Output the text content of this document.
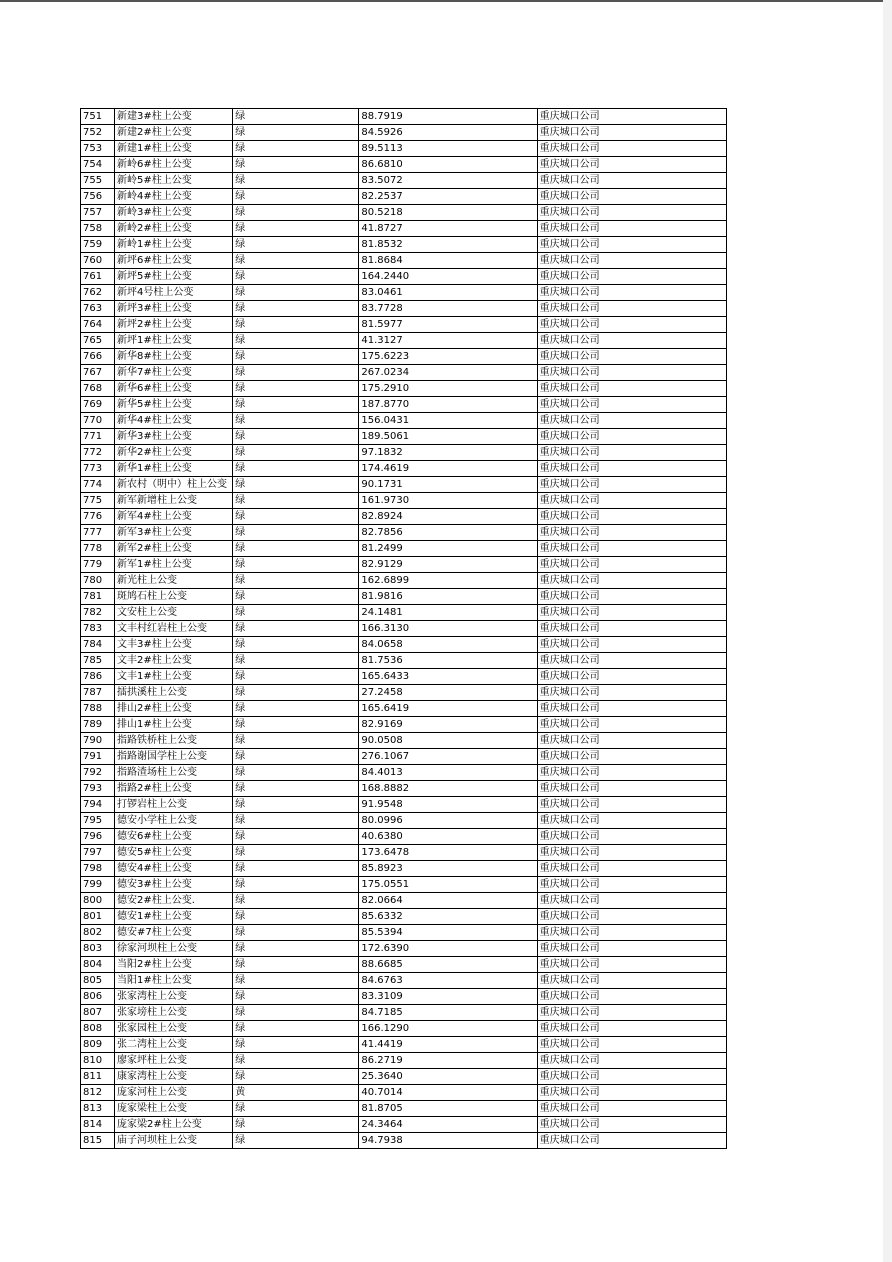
751	新建3#柱上公变	绿	88.7919	重庆城口公司
752	新建2#柱上公变	绿	84.5926	重庆城口公司
753	新建1#柱上公变	绿	89.5113	重庆城口公司
754	新岭6#柱上公变	绿	86.6810	重庆城口公司
755	新岭5#柱上公变	绿	83.5072	重庆城口公司
756	新岭4#柱上公变	绿	82.2537	重庆城口公司
757	新岭3#柱上公变	绿	80.5218	重庆城口公司
758	新岭2#柱上公变	绿	41.8727	重庆城口公司
759	新岭1#柱上公变	绿	81.8532	重庆城口公司
760	新坪6#柱上公变	绿	81.8684	重庆城口公司
761	新坪5#柱上公变	绿	164.2440	重庆城口公司
762	新坪4号柱上公变	绿	83.0461	重庆城口公司
763	新坪3#柱上公变	绿	83.7728	重庆城口公司
764	新坪2#柱上公变	绿	81.5977	重庆城口公司
765	新坪1#柱上公变	绿	41.3127	重庆城口公司
766	新华8#柱上公变	绿	175.6223	重庆城口公司
767	新华7#柱上公变	绿	267.0234	重庆城口公司
768	新华6#柱上公变	绿	175.2910	重庆城口公司
769	新华5#柱上公变	绿	187.8770	重庆城口公司
770	新华4#柱上公变	绿	156.0431	重庆城口公司
771	新华3#柱上公变	绿	189.5061	重庆城口公司
772	新华2#柱上公变	绿	97.1832	重庆城口公司
773	新华1#柱上公变	绿	174.4619	重庆城口公司
774	新农村（明中）柱上公变	绿	90.1731	重庆城口公司
775	新军新增柱上公变	绿	161.9730	重庆城口公司
776	新军4#柱上公变	绿	82.8924	重庆城口公司
777	新军3#柱上公变	绿	82.7856	重庆城口公司
778	新军2#柱上公变	绿	81.2499	重庆城口公司
779	新军1#柱上公变	绿	82.9129	重庆城口公司
780	新光柱上公变	绿	162.6899	重庆城口公司
781	斑鸠石柱上公变	绿	81.9816	重庆城口公司
782	文安柱上公变	绿	24.1481	重庆城口公司
783	文丰村红岩柱上公变	绿	166.3130	重庆城口公司
784	文丰3#柱上公变	绿	84.0658	重庆城口公司
785	文丰2#柱上公变	绿	81.7536	重庆城口公司
786	文丰1#柱上公变	绿	165.6433	重庆城口公司
787	擂拱溪柱上公变	绿	27.2458	重庆城口公司
788	排山2#柱上公变	绿	165.6419	重庆城口公司
789	排山1#柱上公变	绿	82.9169	重庆城口公司
790	指路铁桥柱上公变	绿	90.0508	重庆城口公司
791	指路谢国学柱上公变	绿	276.1067	重庆城口公司
792	指路渣场柱上公变	绿	84.4013	重庆城口公司
793	指路2#柱上公变	绿	168.8882	重庆城口公司
794	打锣岩柱上公变	绿	91.9548	重庆城口公司
795	德安小学柱上公变	绿	80.0996	重庆城口公司
796	德安6#柱上公变	绿	40.6380	重庆城口公司
797	德安5#柱上公变	绿	173.6478	重庆城口公司
798	德安4#柱上公变	绿	85.8923	重庆城口公司
799	德安3#柱上公变	绿	175.0551	重庆城口公司
800	德安2#柱上公变.	绿	82.0664	重庆城口公司
801	德安1#柱上公变	绿	85.6332	重庆城口公司
802	德安#7柱上公变	绿	85.5394	重庆城口公司
803	徐家河坝柱上公变	绿	172.6390	重庆城口公司
804	当阳2#柱上公变	绿	88.6685	重庆城口公司
805	当阳1#柱上公变	绿	84.6763	重庆城口公司
806	张家湾柱上公变	绿	83.3109	重庆城口公司
807	张家塝柱上公变	绿	84.7185	重庆城口公司
808	张家园柱上公变	绿	166.1290	重庆城口公司
809	张二湾柱上公变	绿	41.4419	重庆城口公司
810	廖家坪柱上公变	绿	86.2719	重庆城口公司
811	康家湾柱上公变	绿	25.3640	重庆城口公司
812	庞家河柱上公变	黄	40.7014	重庆城口公司
813	庞家梁柱上公变	绿	81.8705	重庆城口公司
814	庞家梁2#柱上公变	绿	24.3464	重庆城口公司
815	庙子河坝柱上公变	绿	94.7938	重庆城口公司
